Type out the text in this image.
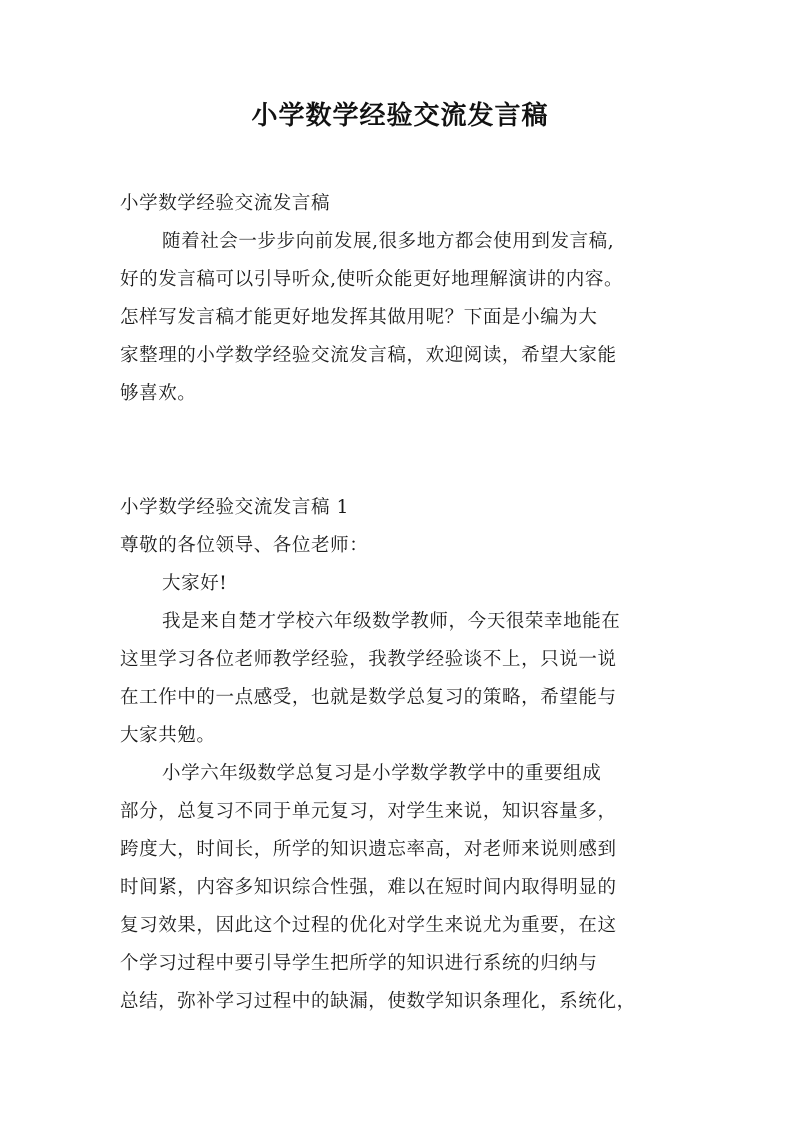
小学数学经验交流发言稿
小学数学经验交流发言稿
随着社会一步步向前发展,很多地方都会使用到发言稿,
好的发言稿可以引导听众,使听众能更好地理解演讲的内容。
怎样写发言稿才能更好地发挥其做用呢？下面是小编为大
家整理的小学数学经验交流发言稿，欢迎阅读，希望大家能
够喜欢。
小学数学经验交流发言稿 1
尊敬的各位领导、各位老师：
大家好!
我是来自楚才学校六年级数学教师，今天很荣幸地能在
这里学习各位老师教学经验，我教学经验谈不上，只说一说
在工作中的一点感受，也就是数学总复习的策略，希望能与
大家共勉。
小学六年级数学总复习是小学数学教学中的重要组成
部分，总复习不同于单元复习，对学生来说，知识容量多，
跨度大，时间长，所学的知识遗忘率高，对老师来说则感到
时间紧，内容多知识综合性强，难以在短时间内取得明显的
复习效果，因此这个过程的优化对学生来说尤为重要，在这
个学习过程中要引导学生把所学的知识进行系统的归纳与
总结，弥补学习过程中的缺漏，使数学知识条理化，系统化，
